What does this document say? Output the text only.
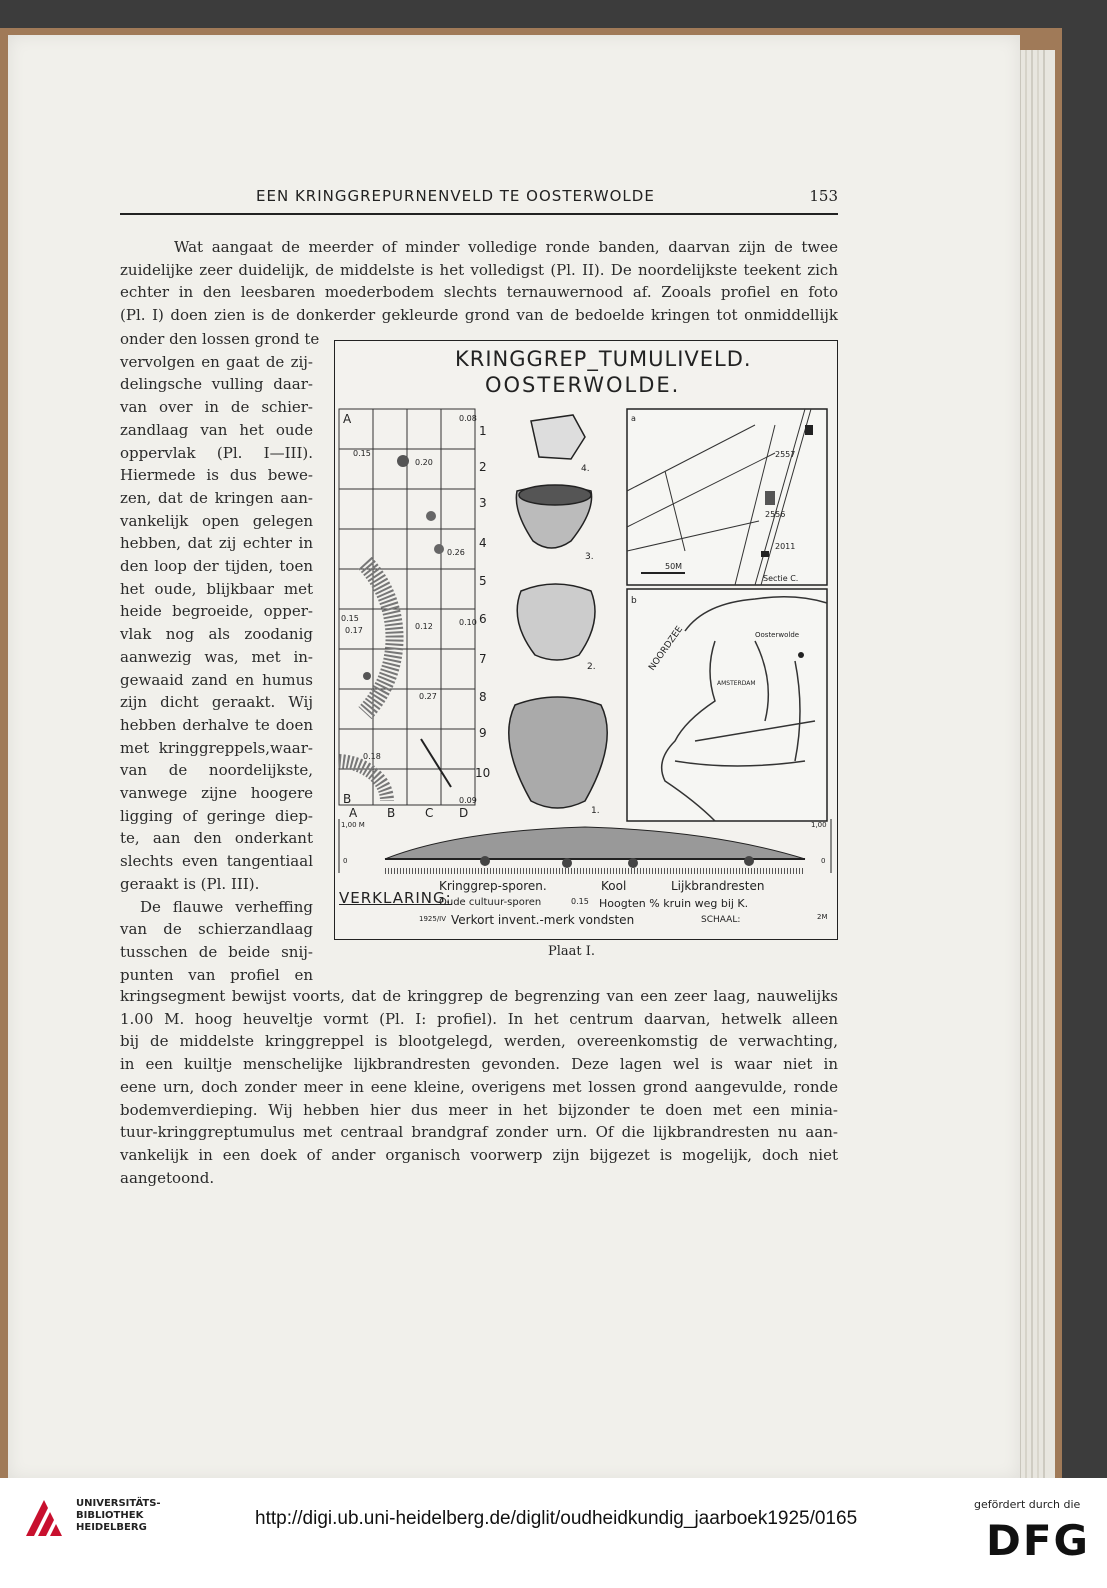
EEN KRINGGREPURNENVELD TE OOSTERWOLDE	153
Wat aangaat de meerder of minder volledige ronde banden, daarvan zijn de twee
zuidelijke zeer duidelijk, de middelste is het volledigst (Pl. II). De noordelijkste teekent zich
echter in den leesbaren moederbodem slechts ternauwernood af. Zooals profiel en foto
(Pl. I) doen zien is de donkerder gekleurde grond van de bedoelde kringen tot onmiddellijk
onder den lossen grond te
vervolgen en gaat de zij-
delingsche vulling daar-
van over in de schier-
zandlaag van het oude
oppervlak (Pl. I—III).
Hiermede is dus bewe-
zen, dat de kringen aan-
vankelijk open gelegen
hebben, dat zij echter in
den loop der tijden, toen
het oude, blijkbaar met
heide begroeide, opper-
vlak nog als zoodanig
aanwezig was, met in-
gewaaid zand en humus
zijn dicht geraakt. Wij
hebben derhalve te doen
met kringgreppels,waar-
van de noordelijkste,
vanwege zijne hoogere
ligging of geringe diep-
te, aan den onderkant
slechts even tangentiaal
geraakt is (Pl. III).
De flauwe verheffing
van de schierzandlaag
tusschen de beide snij-
punten van profiel en
1
2
3
4
5
6
7
8
9
10
A
A B C D
B
0.08
0.15
0.20
0.26
0.10
0.15
0.17	0.12
0.27
0.18
0.09
4.
3.
2.
1.
a
2557
2556
2011
Sectie C.
50M
b
NOORDZEE	Oosterwolde
AMSTERDAM
1,00 M	1,00
0	0
KRINGGREP_TUMULIVELD.
OOSTERWOLDE.
VERKLARING:
Kringgrep-sporen.	Kool	Lijkbrandresten
Oude cultuur-sporen	0.15 Hoogten % kruin weg bij K.
1925/IV Verkort invent.-merk vondsten	SCHAAL:	2M
Plaat I.
kringsegment bewijst voorts, dat de kringgrep de begrenzing van een zeer laag, nauwelijks
1.00 M. hoog heuveltje vormt (Pl. I: profiel). In het centrum daarvan, hetwelk alleen
bij de middelste kringgreppel is blootgelegd, werden, overeenkomstig de verwachting,
in een kuiltje menschelijke lijkbrandresten gevonden. Deze lagen wel is waar niet in
eene urn, doch zonder meer in eene kleine, overigens met lossen grond aangevulde, ronde
bodemverdieping. Wij hebben hier dus meer in het bijzonder te doen met een minia-
tuur-kringgreptumulus met centraal brandgraf zonder urn. Of die lijkbrandresten nu aan-
vankelijk in een doek of ander organisch voorwerp zijn bijgezet is mogelijk, doch niet
aangetoond.
UNIVERSITÄTS-
BIBLIOTHEK
HEIDELBERG	http://digi.ub.uni-heidelberg.de/diglit/oudheidkundig_jaarboek1925/0165
gefördert durch die
DFG
